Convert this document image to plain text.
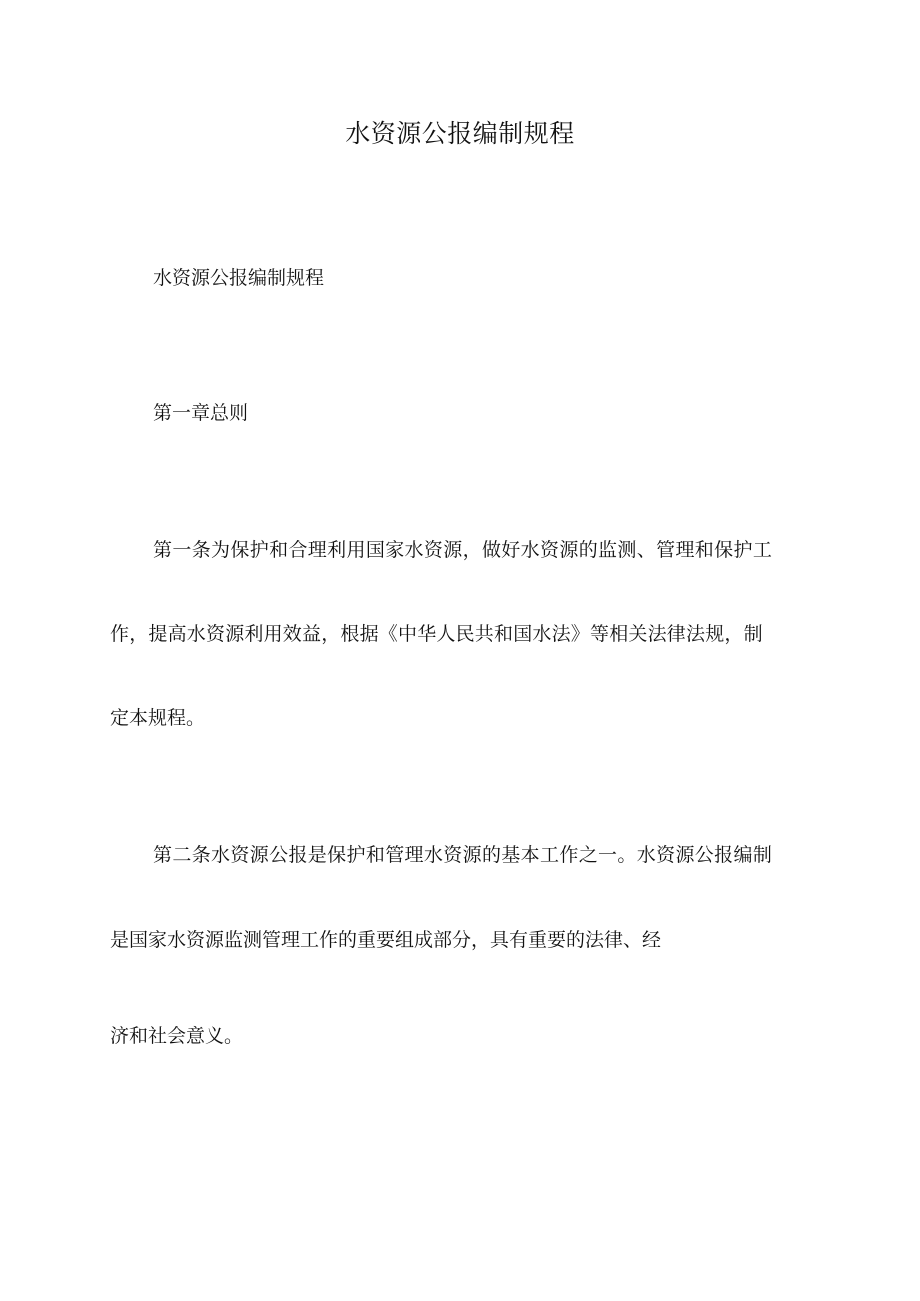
水资源公报编制规程

水资源公报编制规程

第一章总则

第一条为保护和合理利用国家水资源，做好水资源的监测、管理和保护工

作，提高水资源利用效益，根据《中华人民共和国水法》等相关法律法规，制

定本规程。

第二条水资源公报是保护和管理水资源的基本工作之一。水资源公报编制

是国家水资源监测管理工作的重要组成部分，具有重要的法律、经

济和社会意义。
